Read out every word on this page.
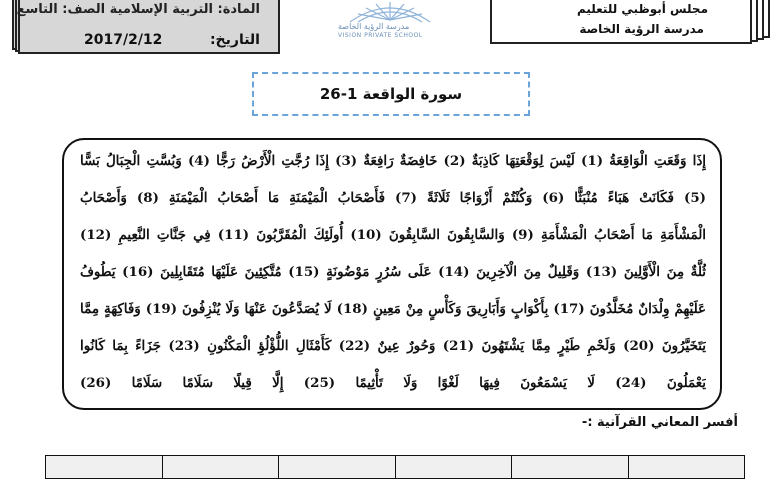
المادة: التربية الإسلامية الصف: التاسع
التاريخ:
2017/2/12
مدرسة الرؤية الخاصة
VISION PRIVATE SCHOOL
مجلس أبوظبي للتعليم
مدرسة الرؤية الخاصة
سورة الواقعة 1-26
إِذَا وَقَعَتِ الْوَاقِعَةُ (1) لَيْسَ لِوَقْعَتِهَا كَاذِبَةٌ (2) خَافِضَةٌ رَافِعَةٌ (3) إِذَا رُجَّتِ الْأَرْضُ رَجًّا (4) وَبُسَّتِ الْجِبَالُ بَسًّا
(5) فَكَانَتْ هَبَاءً مُنْبَثًّا (6) وَكُنْتُمْ أَزْوَاجًا ثَلَاثَةً (7) فَأَصْحَابُ الْمَيْمَنَةِ مَا أَصْحَابُ الْمَيْمَنَةِ (8) وَأَصْحَابُ
الْمَشْأَمَةِ مَا أَصْحَابُ الْمَشْأَمَةِ (9) وَالسَّابِقُونَ السَّابِقُونَ (10) أُولَئِكَ الْمُقَرَّبُونَ (11) فِي جَنَّاتِ النَّعِيمِ (12)
ثُلَّةٌ مِنَ الْأَوَّلِينَ (13) وَقَلِيلٌ مِنَ الْآخِرِينَ (14) عَلَى سُرُرٍ مَوْضُونَةٍ (15) مُتَّكِئِينَ عَلَيْهَا مُتَقَابِلِينَ (16) يَطُوفُ
عَلَيْهِمْ وِلْدَانٌ مُخَلَّدُونَ (17) بِأَكْوَابٍ وَأَبَارِيقَ وَكَأْسٍ مِنْ مَعِينٍ (18) لَا يُصَدَّعُونَ عَنْهَا وَلَا يُنْزِفُونَ (19) وَفَاكِهَةٍ مِمَّا
يَتَخَيَّرُونَ (20) وَلَحْمِ طَيْرٍ مِمَّا يَشْتَهُونَ (21) وَحُورٌ عِينٌ (22) كَأَمْثَالِ اللُّؤْلُؤِ الْمَكْنُونِ (23) جَزَاءً بِمَا كَانُوا
يَعْمَلُونَ (24) لَا يَسْمَعُونَ فِيهَا لَغْوًا وَلَا تَأْثِيمًا (25) إِلَّا قِيلًا سَلَامًا سَلَامًا (26)
أفسر المعاني القرآنية :-
